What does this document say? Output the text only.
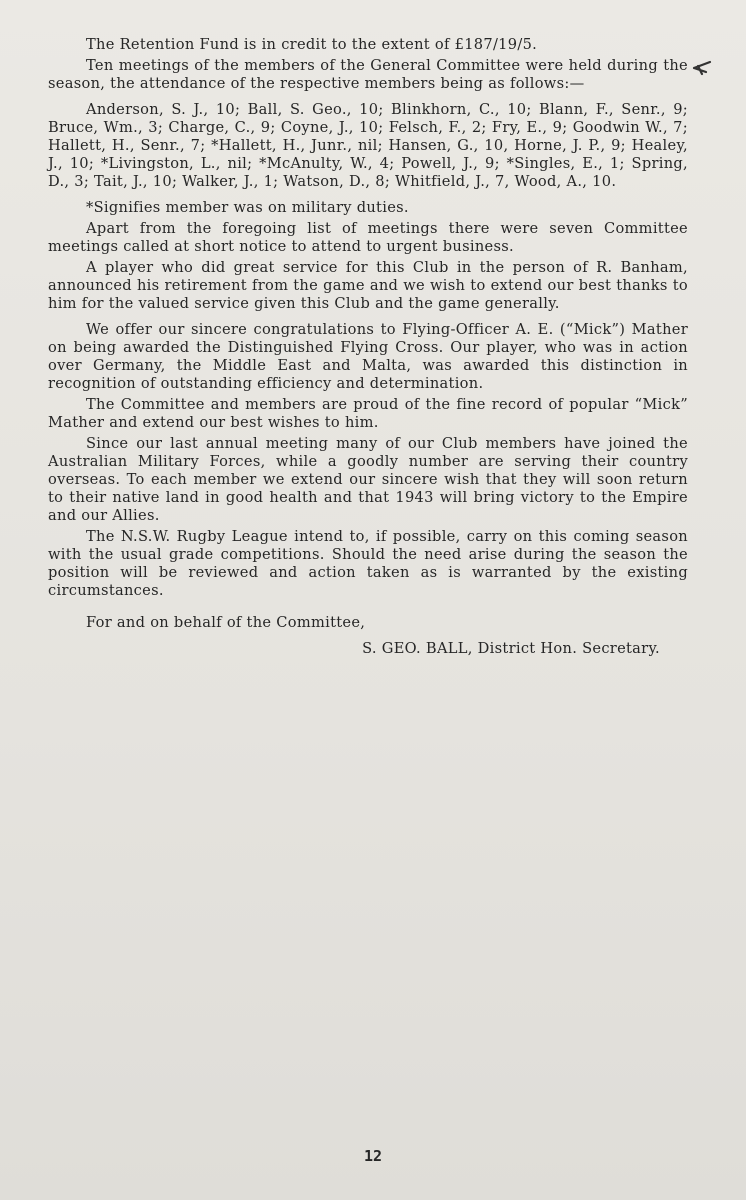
The Retention Fund is in credit to the extent of £187/19/5.

Ten meetings of the members of the General Committee were held during the season, the attendance of the respective members being as follows:—

Anderson, S. J., 10; Ball, S. Geo., 10; Blinkhorn, C., 10; Blann, F., Senr., 9; Bruce, Wm., 3; Charge, C., 9; Coyne, J., 10; Felsch, F., 2; Fry, E., 9; Goodwin W., 7; Hallett, H., Senr., 7; *Hallett, H., Junr., nil; Hansen, G., 10, Horne, J. P., 9; Healey, J., 10; *Livingston, L., nil; *McAnulty, W., 4; Powell, J., 9; *Singles, E., 1; Spring, D., 3; Tait, J., 10; Walker, J., 1; Watson, D., 8; Whitfield, J., 7, Wood, A., 10.

*Signifies member was on military duties.

Apart from the foregoing list of meetings there were seven Committee meetings called at short notice to attend to urgent business.

A player who did great service for this Club in the person of R. Banham, announced his retirement from the game and we wish to extend our best thanks to him for the valued service given this Club and the game generally.

We offer our sincere congratulations to Flying-Officer A. E. (“Mick”) Mather on being awarded the Distinguished Flying Cross. Our player, who was in action over Germany, the Middle East and Malta, was awarded this distinction in recognition of outstanding efficiency and determination.

The Committee and members are proud of the fine record of popular “Mick” Mather and extend our best wishes to him.

Since our last annual meeting many of our Club members have joined the Australian Military Forces, while a goodly number are serving their country overseas. To each member we extend our sincere wish that they will soon return to their native land in good health and that 1943 will bring victory to the Empire and our Allies.

The N.S.W. Rugby League intend to, if possible, carry on this coming season with the usual grade competitions. Should the need arise during the season the position will be reviewed and action taken as is warranted by the existing circumstances.

For and on behalf of the Committee,

S. GEO. BALL, District Hon. Secretary.

12
